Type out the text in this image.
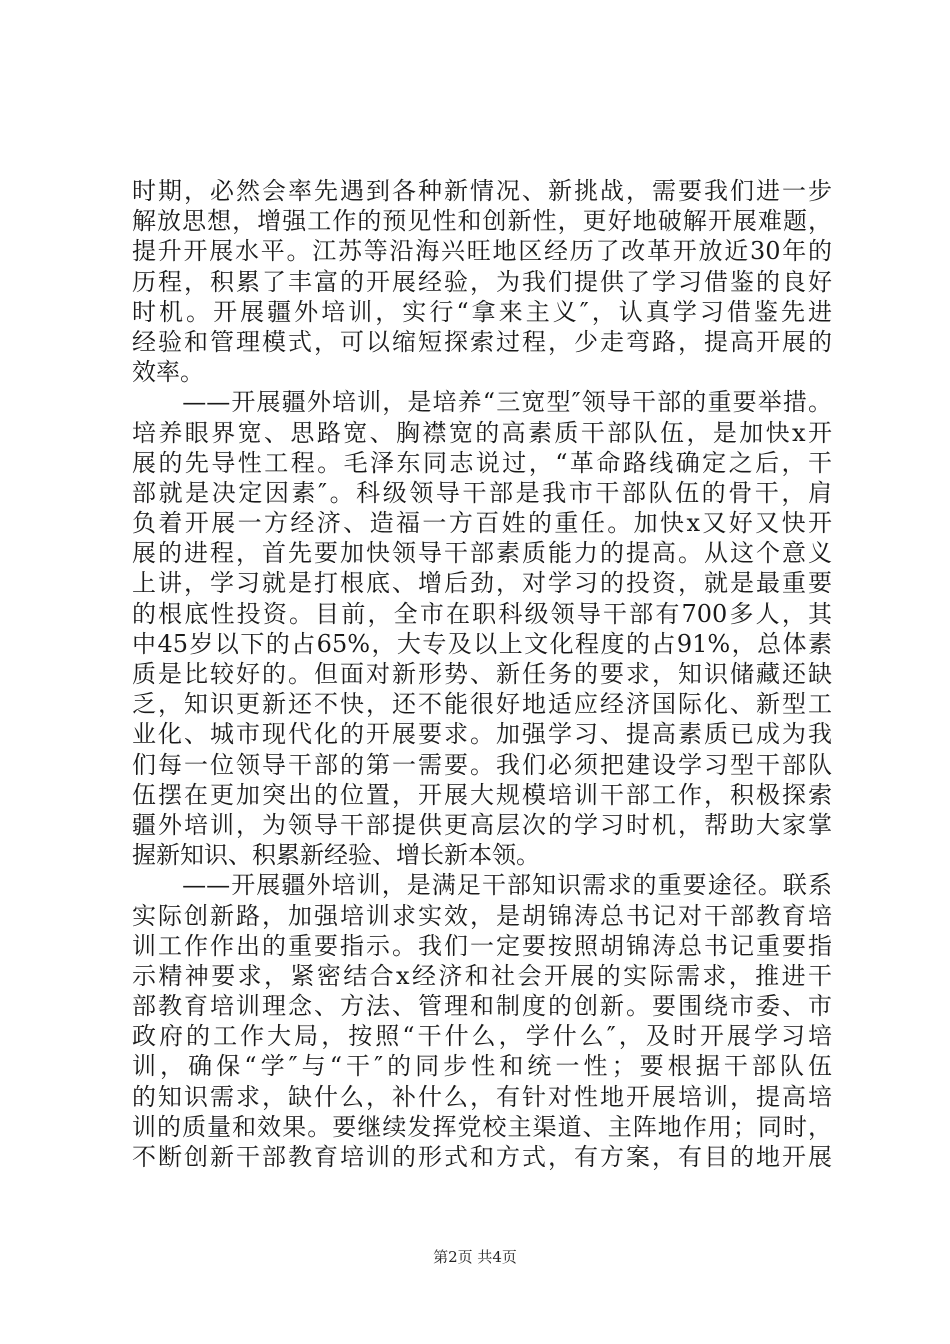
时期，必然会率先遇到各种新情况、新挑战，需要我们进一步
解放思想，增强工作的预见性和创新性，更好地破解开展难题，
提升开展水平。江苏等沿海兴旺地区经历了改革开放近30年的
历程，积累了丰富的开展经验，为我们提供了学习借鉴的良好
时机。开展疆外培训，实行“拿来主义″，认真学习借鉴先进
经验和管理模式，可以缩短探索过程，少走弯路，提高开展的
效率。
　　——开展疆外培训，是培养“三宽型″领导干部的重要举措。
培养眼界宽、思路宽、胸襟宽的高素质干部队伍，是加快x开
展的先导性工程。毛泽东同志说过，“革命路线确定之后，干
部就是决定因素″。科级领导干部是我市干部队伍的骨干，肩
负着开展一方经济、造福一方百姓的重任。加快x又好又快开
展的进程，首先要加快领导干部素质能力的提高。从这个意义
上讲，学习就是打根底、增后劲，对学习的投资，就是最重要
的根底性投资。目前，全市在职科级领导干部有700多人，其
中45岁以下的占65%，大专及以上文化程度的占91%，总体素
质是比较好的。但面对新形势、新任务的要求，知识储藏还缺
乏，知识更新还不快，还不能很好地适应经济国际化、新型工
业化、城市现代化的开展要求。加强学习、提高素质已成为我
们每一位领导干部的第一需要。我们必须把建设学习型干部队
伍摆在更加突出的位置，开展大规模培训干部工作，积极探索
疆外培训，为领导干部提供更高层次的学习时机，帮助大家掌
握新知识、积累新经验、增长新本领。
　　——开展疆外培训，是满足干部知识需求的重要途径。联系
实际创新路，加强培训求实效，是胡锦涛总书记对干部教育培
训工作作出的重要指示。我们一定要按照胡锦涛总书记重要指
示精神要求，紧密结合x经济和社会开展的实际需求，推进干
部教育培训理念、方法、管理和制度的创新。要围绕市委、市
政府的工作大局，按照“干什么，学什么″，及时开展学习培
训，确保“学″与“干″的同步性和统一性；要根据干部队伍
的知识需求，缺什么，补什么，有针对性地开展培训，提高培
训的质量和效果。要继续发挥党校主渠道、主阵地作用；同时，
不断创新干部教育培训的形式和方式，有方案，有目的地开展
第2页 共4页
